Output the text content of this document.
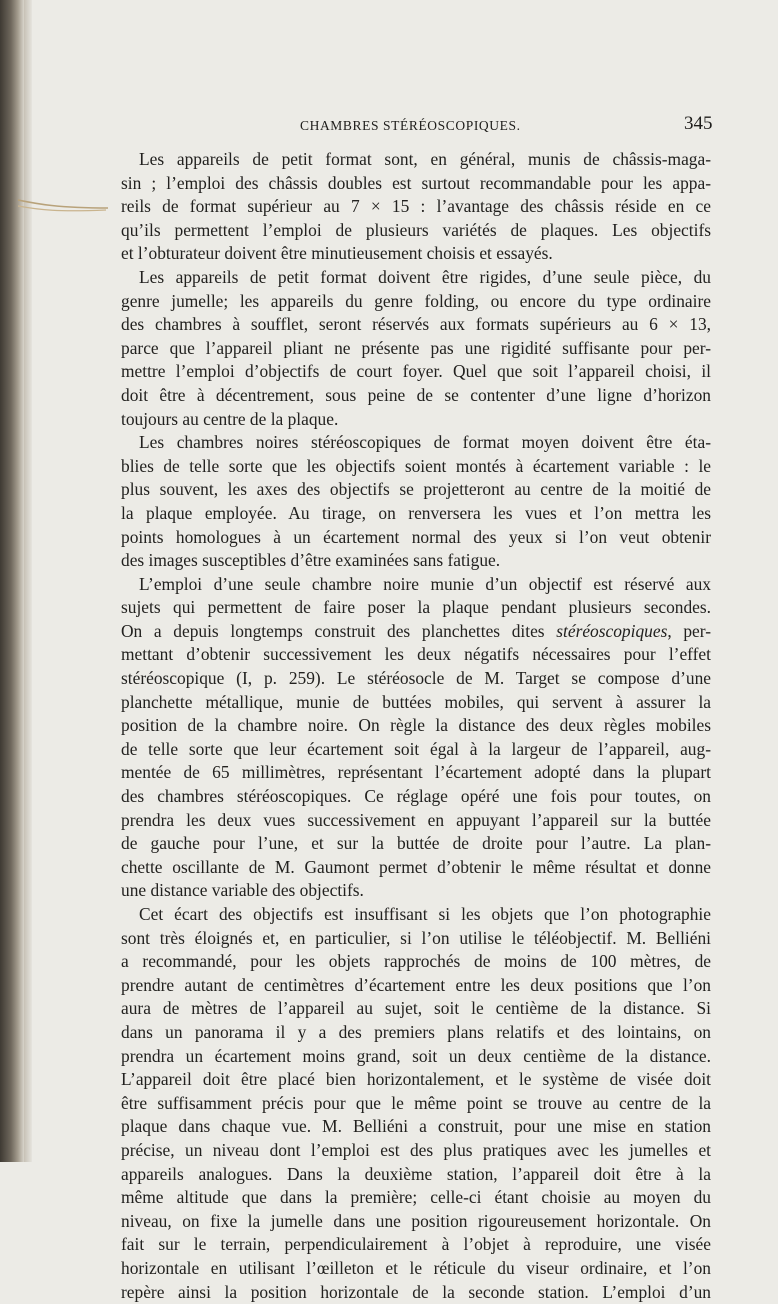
CHAMBRES STÉRÉOSCOPIQUES.	345
Les appareils de petit format sont, en général, munis de châssis-maga-
sin ; l’emploi des châssis doubles est surtout recommandable pour les appa-
reils de format supérieur au 7 × 15 : l’avantage des châssis réside en ce
qu’ils permettent l’emploi de plusieurs variétés de plaques. Les objectifs
et l’obturateur doivent être minutieusement choisis et essayés.
Les appareils de petit format doivent être rigides, d’une seule pièce, du
genre jumelle; les appareils du genre folding, ou encore du type ordinaire
des chambres à soufflet, seront réservés aux formats supérieurs au 6 × 13,
parce que l’appareil pliant ne présente pas une rigidité suffisante pour per-
mettre l’emploi d’objectifs de court foyer. Quel que soit l’appareil choisi, il
doit être à décentrement, sous peine de se contenter d’une ligne d’horizon
toujours au centre de la plaque.
Les chambres noires stéréoscopiques de format moyen doivent être éta-
blies de telle sorte que les objectifs soient montés à écartement variable : le
plus souvent, les axes des objectifs se projetteront au centre de la moitié de
la plaque employée. Au tirage, on renversera les vues et l’on mettra les
points homologues à un écartement normal des yeux si l’on veut obtenir
des images susceptibles d’être examinées sans fatigue.
L’emploi d’une seule chambre noire munie d’un objectif est réservé aux
sujets qui permettent de faire poser la plaque pendant plusieurs secondes.
On a depuis longtemps construit des planchettes dites stéréoscopiques, per-
mettant d’obtenir successivement les deux négatifs nécessaires pour l’effet
stéréoscopique (I, p. 259). Le stéréosocle de M. Target se compose d’une
planchette métallique, munie de buttées mobiles, qui servent à assurer la
position de la chambre noire. On règle la distance des deux règles mobiles
de telle sorte que leur écartement soit égal à la largeur de l’appareil, aug-
mentée de 65 millimètres, représentant l’écartement adopté dans la plupart
des chambres stéréoscopiques. Ce réglage opéré une fois pour toutes, on
prendra les deux vues successivement en appuyant l’appareil sur la buttée
de gauche pour l’une, et sur la buttée de droite pour l’autre. La plan-
chette oscillante de M. Gaumont permet d’obtenir le même résultat et donne
une distance variable des objectifs.
Cet écart des objectifs est insuffisant si les objets que l’on photographie
sont très éloignés et, en particulier, si l’on utilise le téléobjectif. M. Belliéni
a recommandé, pour les objets rapprochés de moins de 100 mètres, de
prendre autant de centimètres d’écartement entre les deux positions que l’on
aura de mètres de l’appareil au sujet, soit le centième de la distance. Si
dans un panorama il y a des premiers plans relatifs et des lointains, on
prendra un écartement moins grand, soit un deux centième de la distance.
L’appareil doit être placé bien horizontalement, et le système de visée doit
être suffisamment précis pour que le même point se trouve au centre de la
plaque dans chaque vue. M. Belliéni a construit, pour une mise en station
précise, un niveau dont l’emploi est des plus pratiques avec les jumelles et
appareils analogues. Dans la deuxième station, l’appareil doit être à la
même altitude que dans la première; celle-ci étant choisie au moyen du
niveau, on fixe la jumelle dans une position rigoureusement horizontale. On
fait sur le terrain, perpendiculairement à l’objet à reproduire, une visée
horizontale en utilisant l’œilleton et le réticule du viseur ordinaire, et l’on
repère ainsi la position horizontale de la seconde station. L’emploi d’un
